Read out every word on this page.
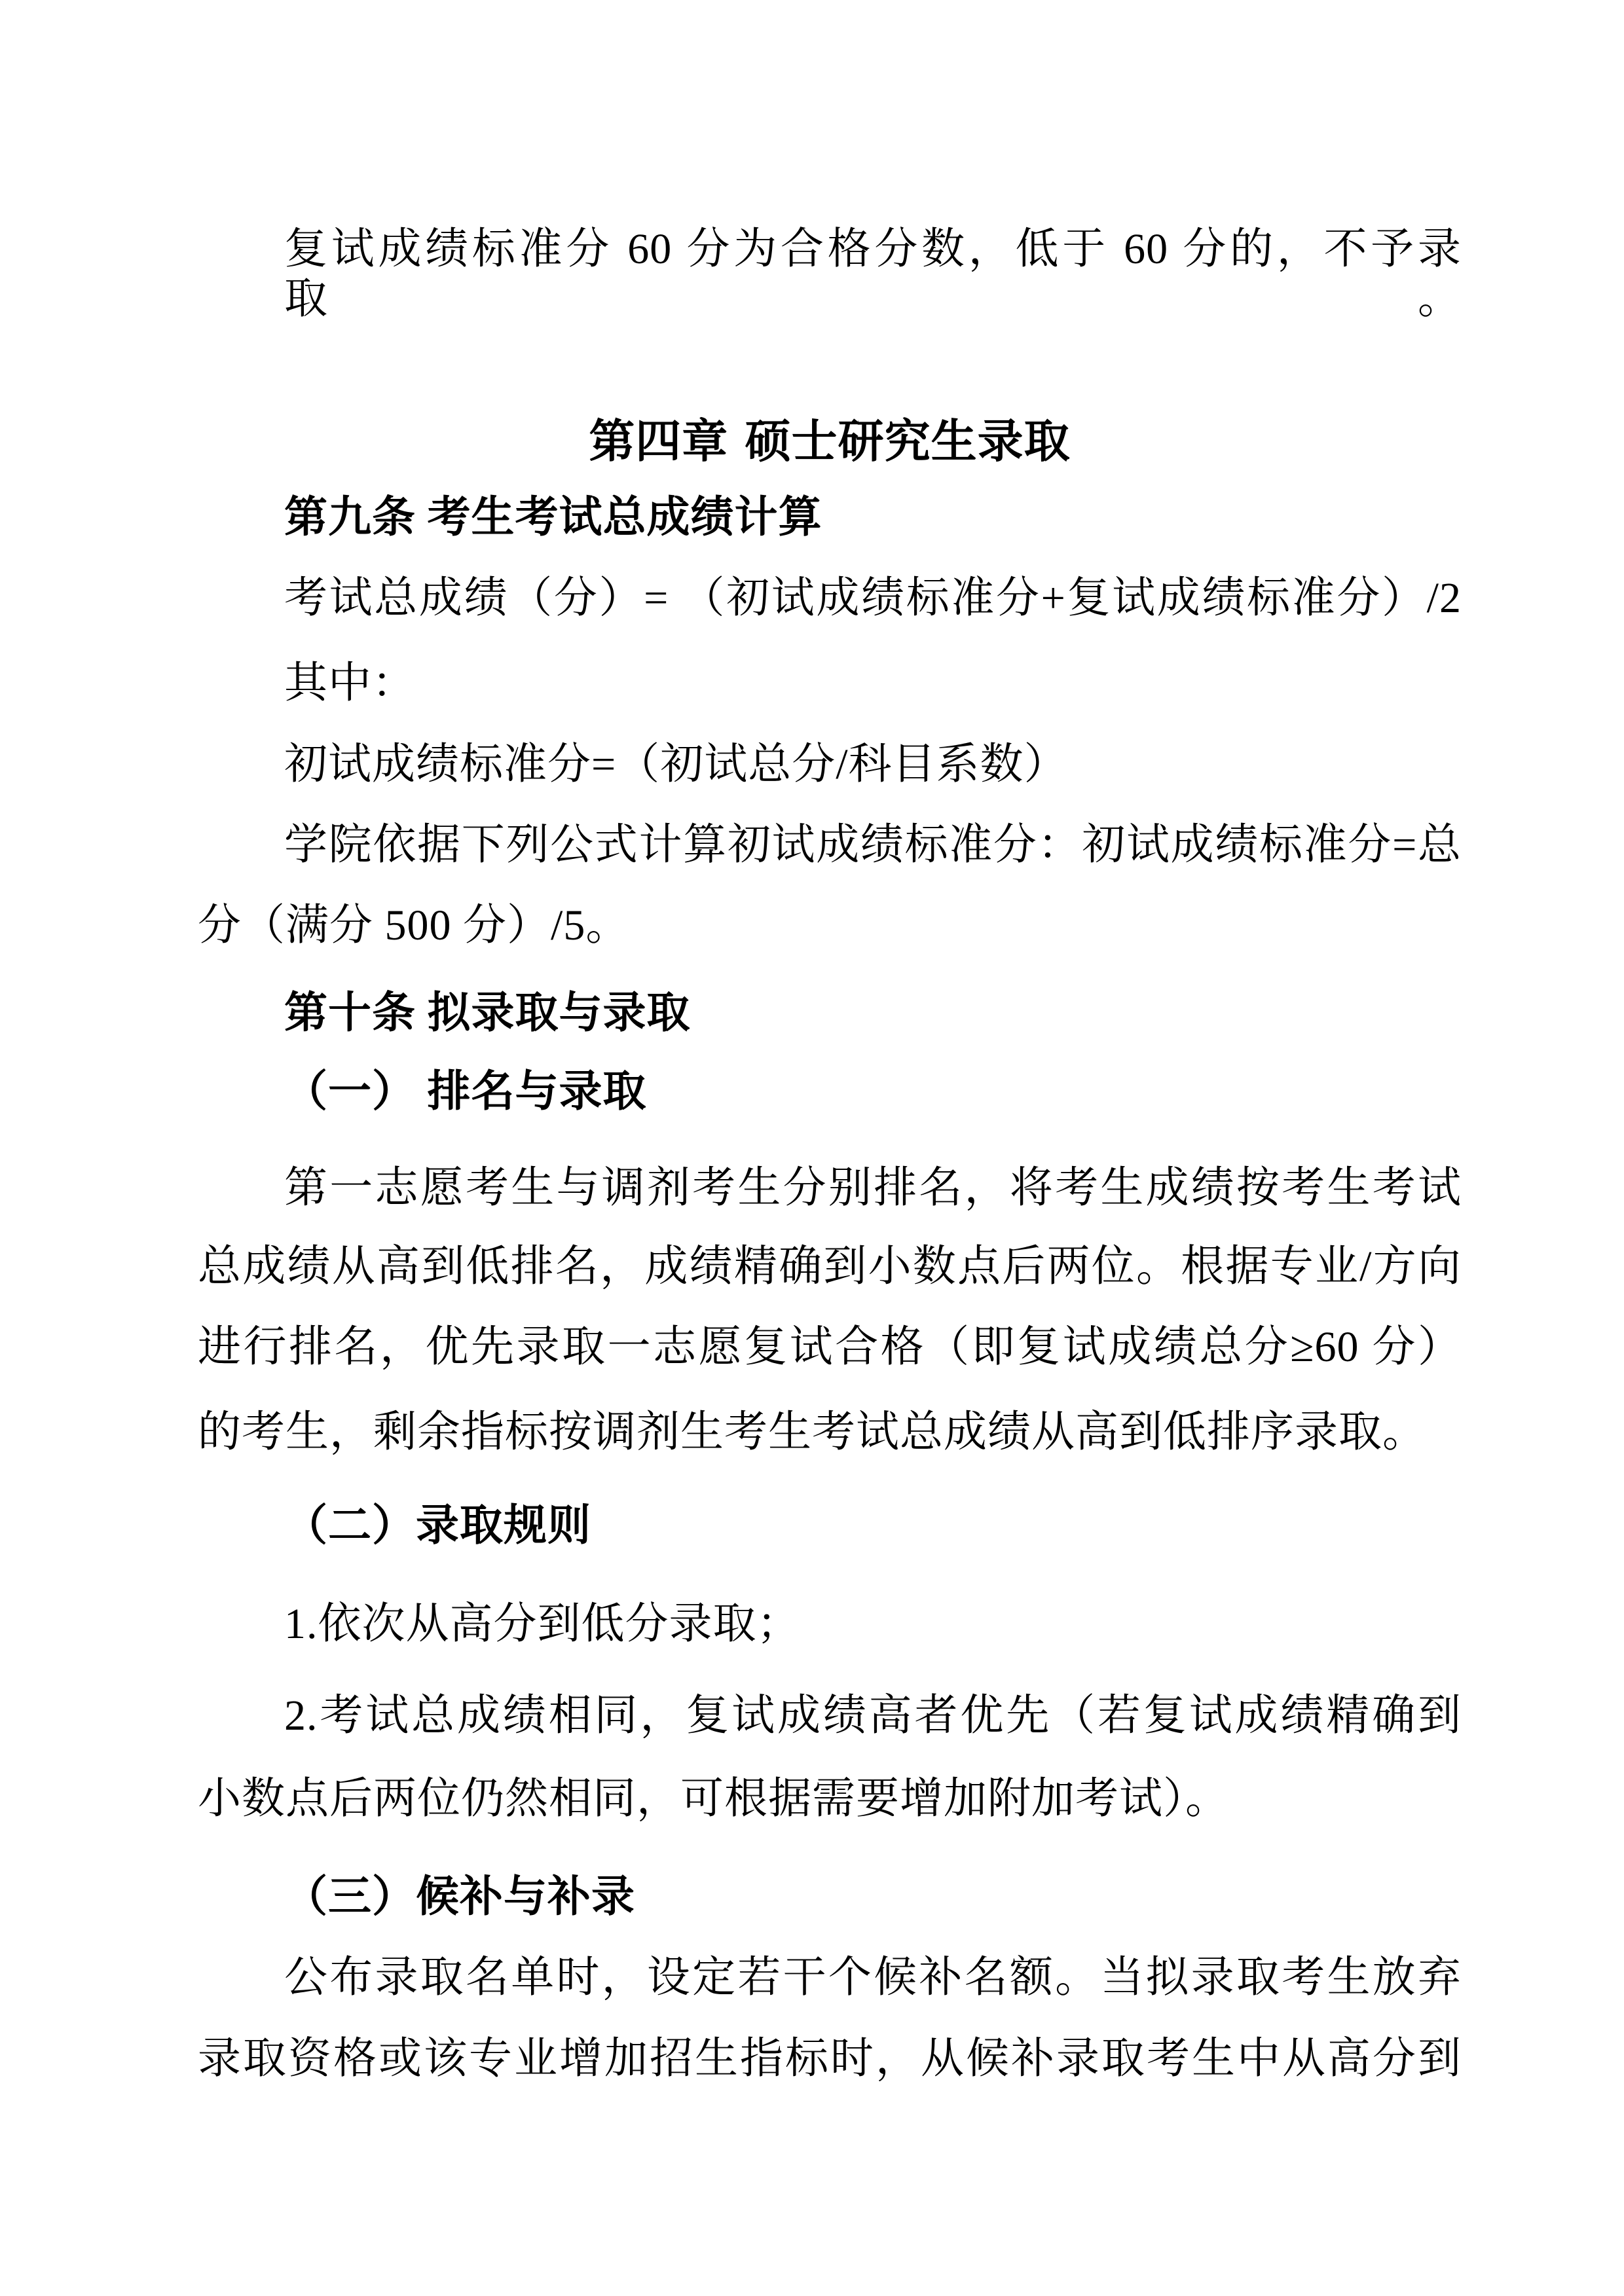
复试成绩标准分 60 分为合格分数，低于 60 分的，不予录取。
第四章 硕士研究生录取
第九条 考生考试总成绩计算
考试总成绩（分）= （初试成绩标准分+复试成绩标准分）/2
其中：
初试成绩标准分=（初试总分/科目系数）
学院依据下列公式计算初试成绩标准分：初试成绩标准分=总
分（满分 500 分）/5。
第十条 拟录取与录取
（一） 排名与录取
第一志愿考生与调剂考生分别排名，将考生成绩按考生考试
总成绩从高到低排名，成绩精确到小数点后两位。根据专业/方向
进行排名，优先录取一志愿复试合格（即复试成绩总分≥60 分）
的考生，剩余指标按调剂生考生考试总成绩从高到低排序录取。
（二）录取规则
1.依次从高分到低分录取；
2.考试总成绩相同，复试成绩高者优先（若复试成绩精确到
小数点后两位仍然相同，可根据需要增加附加考试）。
（三）候补与补录
公布录取名单时，设定若干个候补名额。当拟录取考生放弃
录取资格或该专业增加招生指标时，从候补录取考生中从高分到
